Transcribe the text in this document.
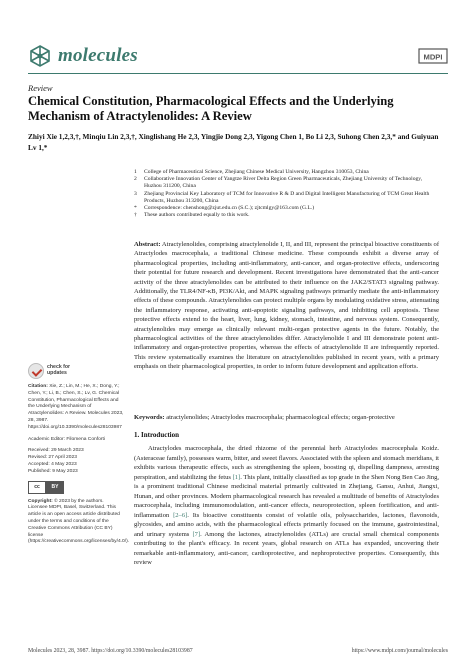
molecules	MDPI
Review
Chemical Constitution, Pharmacological Effects and the Underlying Mechanism of Atractylenolides: A Review
Zhiyi Xie 1,2,3,†, Minqiu Lin 2,3,†, Xinglishang He 2,3, Yingjie Dong 2,3, Yigong Chen 1, Bo Li 2,3, Suhong Chen 2,3,* and Guiyuan Lv 1,*
1	College of Pharmaceutical Science, Zhejiang Chinese Medical University, Hangzhou 310053, China
2	Collaborative Innovation Center of Yangtze River Delta Region Green Pharmaceuticals, Zhejiang University of Technology, Huzhou 311200, China
3	Zhejiang Provincial Key Laboratory of TCM for Innovative R & D and Digital Intelligent Manufacturing of TCM Great Health Products, Huzhou 313200, China
*	Correspondence: chenshong@zjut.edu.cn (S.C.); zjtcmlgy@163.com (G.L.)
†	These authors contributed equally to this work.
Abstract: Atractylenolides, comprising atractylenolide I, II, and III, represent the principal bioactive constituents of Atractylodes macrocephala, a traditional Chinese medicine. These compounds exhibit a diverse array of pharmacological properties, including anti-inflammatory, anti-cancer, and organ-protective effects, underscoring their potential for future research and development. Recent investigations have demonstrated that the anti-cancer activity of the three atractylenolides can be attributed to their influence on the JAK2/STAT3 signaling pathway. Additionally, the TLR4/NF-κB, PI3K/Akt, and MAPK signaling pathways primarily mediate the anti-inflammatory effects of these compounds. Atractylenolides can protect multiple organs by modulating oxidative stress, attenuating the inflammatory response, activating anti-apoptotic signaling pathways, and inhibiting cell apoptosis. These protective effects extend to the heart, liver, lung, kidney, stomach, intestine, and nervous system. Consequently, atractylenolides may emerge as clinically relevant multi-organ protective agents in the future. Notably, the pharmacological activities of the three atractylenolides differ. Atractylenolide I and III demonstrate potent anti-inflammatory and organ-protective properties, whereas the effects of atractylenolide II are infrequently reported. This review systematically examines the literature on atractylenolides published in recent years, with a primary emphasis on their pharmacological properties, in order to inform future development and application efforts.
Keywords: atractylenolides; Atractylodes macrocephala; pharmacological effects; organ-protective
1. Introduction
Atractylodes macrocephala, the dried rhizome of the perennial herb Atractylodes macrocephala Koidz. (Asteraceae family), possesses warm, bitter, and sweet flavors. Associated with the spleen and stomach meridians, it exhibits various therapeutic effects, such as strengthening the spleen, boosting qi, dispelling dampness, arresting perspiration, and stabilizing the fetus [1]. This plant, initially classified as top grade in the Shen Nong Ben Cao Jing, is a prominent traditional Chinese medicinal material primarily cultivated in Zhejiang, Gansu, Anhui, Jiangxi, Hunan, and other provinces. Modern pharmacological research has revealed a multitude of benefits of Atractylodes macrocephala, including immunomodulation, anti-cancer effects, neuroprotection, spleen fortification, and anti-inflammation [2–6]. Its bioactive constituents consist of volatile oils, polysaccharides, lactones, flavonoids, glycosides, and amino acids, with the pharmacological effects primarily focused on the immune, gastrointestinal, and urinary systems [7]. Among the lactones, atractylenolides (ATLs) are crucial small chemical components contributing to the plant's efficacy. In recent years, global research on ATLs has expanded, uncovering their remarkable anti-inflammatory, anti-cancer, cardioprotective, and nephroprotective properties. Consequently, this review
check for
updates
Citation: Xie, Z.; Lin, M.; He, X.; Dong, Y.; Chen, Y.; Li, B.; Chen, S.; Lv, G. Chemical Constitution, Pharmacological Effects and the Underlying Mechanism of Atractylenolides: A Review. Molecules 2023, 28, 3987. https://doi.org/10.3390/molecules28103987
Academic Editor: Filomena Conforti
Received: 29 March 2023
Revised: 27 April 2023
Accepted: 4 May 2023
Published: 9 May 2023
cc	BY
Copyright: © 2023 by the authors. Licensee MDPI, Basel, Switzerland. This article is an open access article distributed under the terms and conditions of the Creative Commons Attribution (CC BY) license (https://creativecommons.org/licenses/by/4.0/).
Molecules 2023, 28, 3987. https://doi.org/10.3390/molecules28103987	https://www.mdpi.com/journal/molecules
